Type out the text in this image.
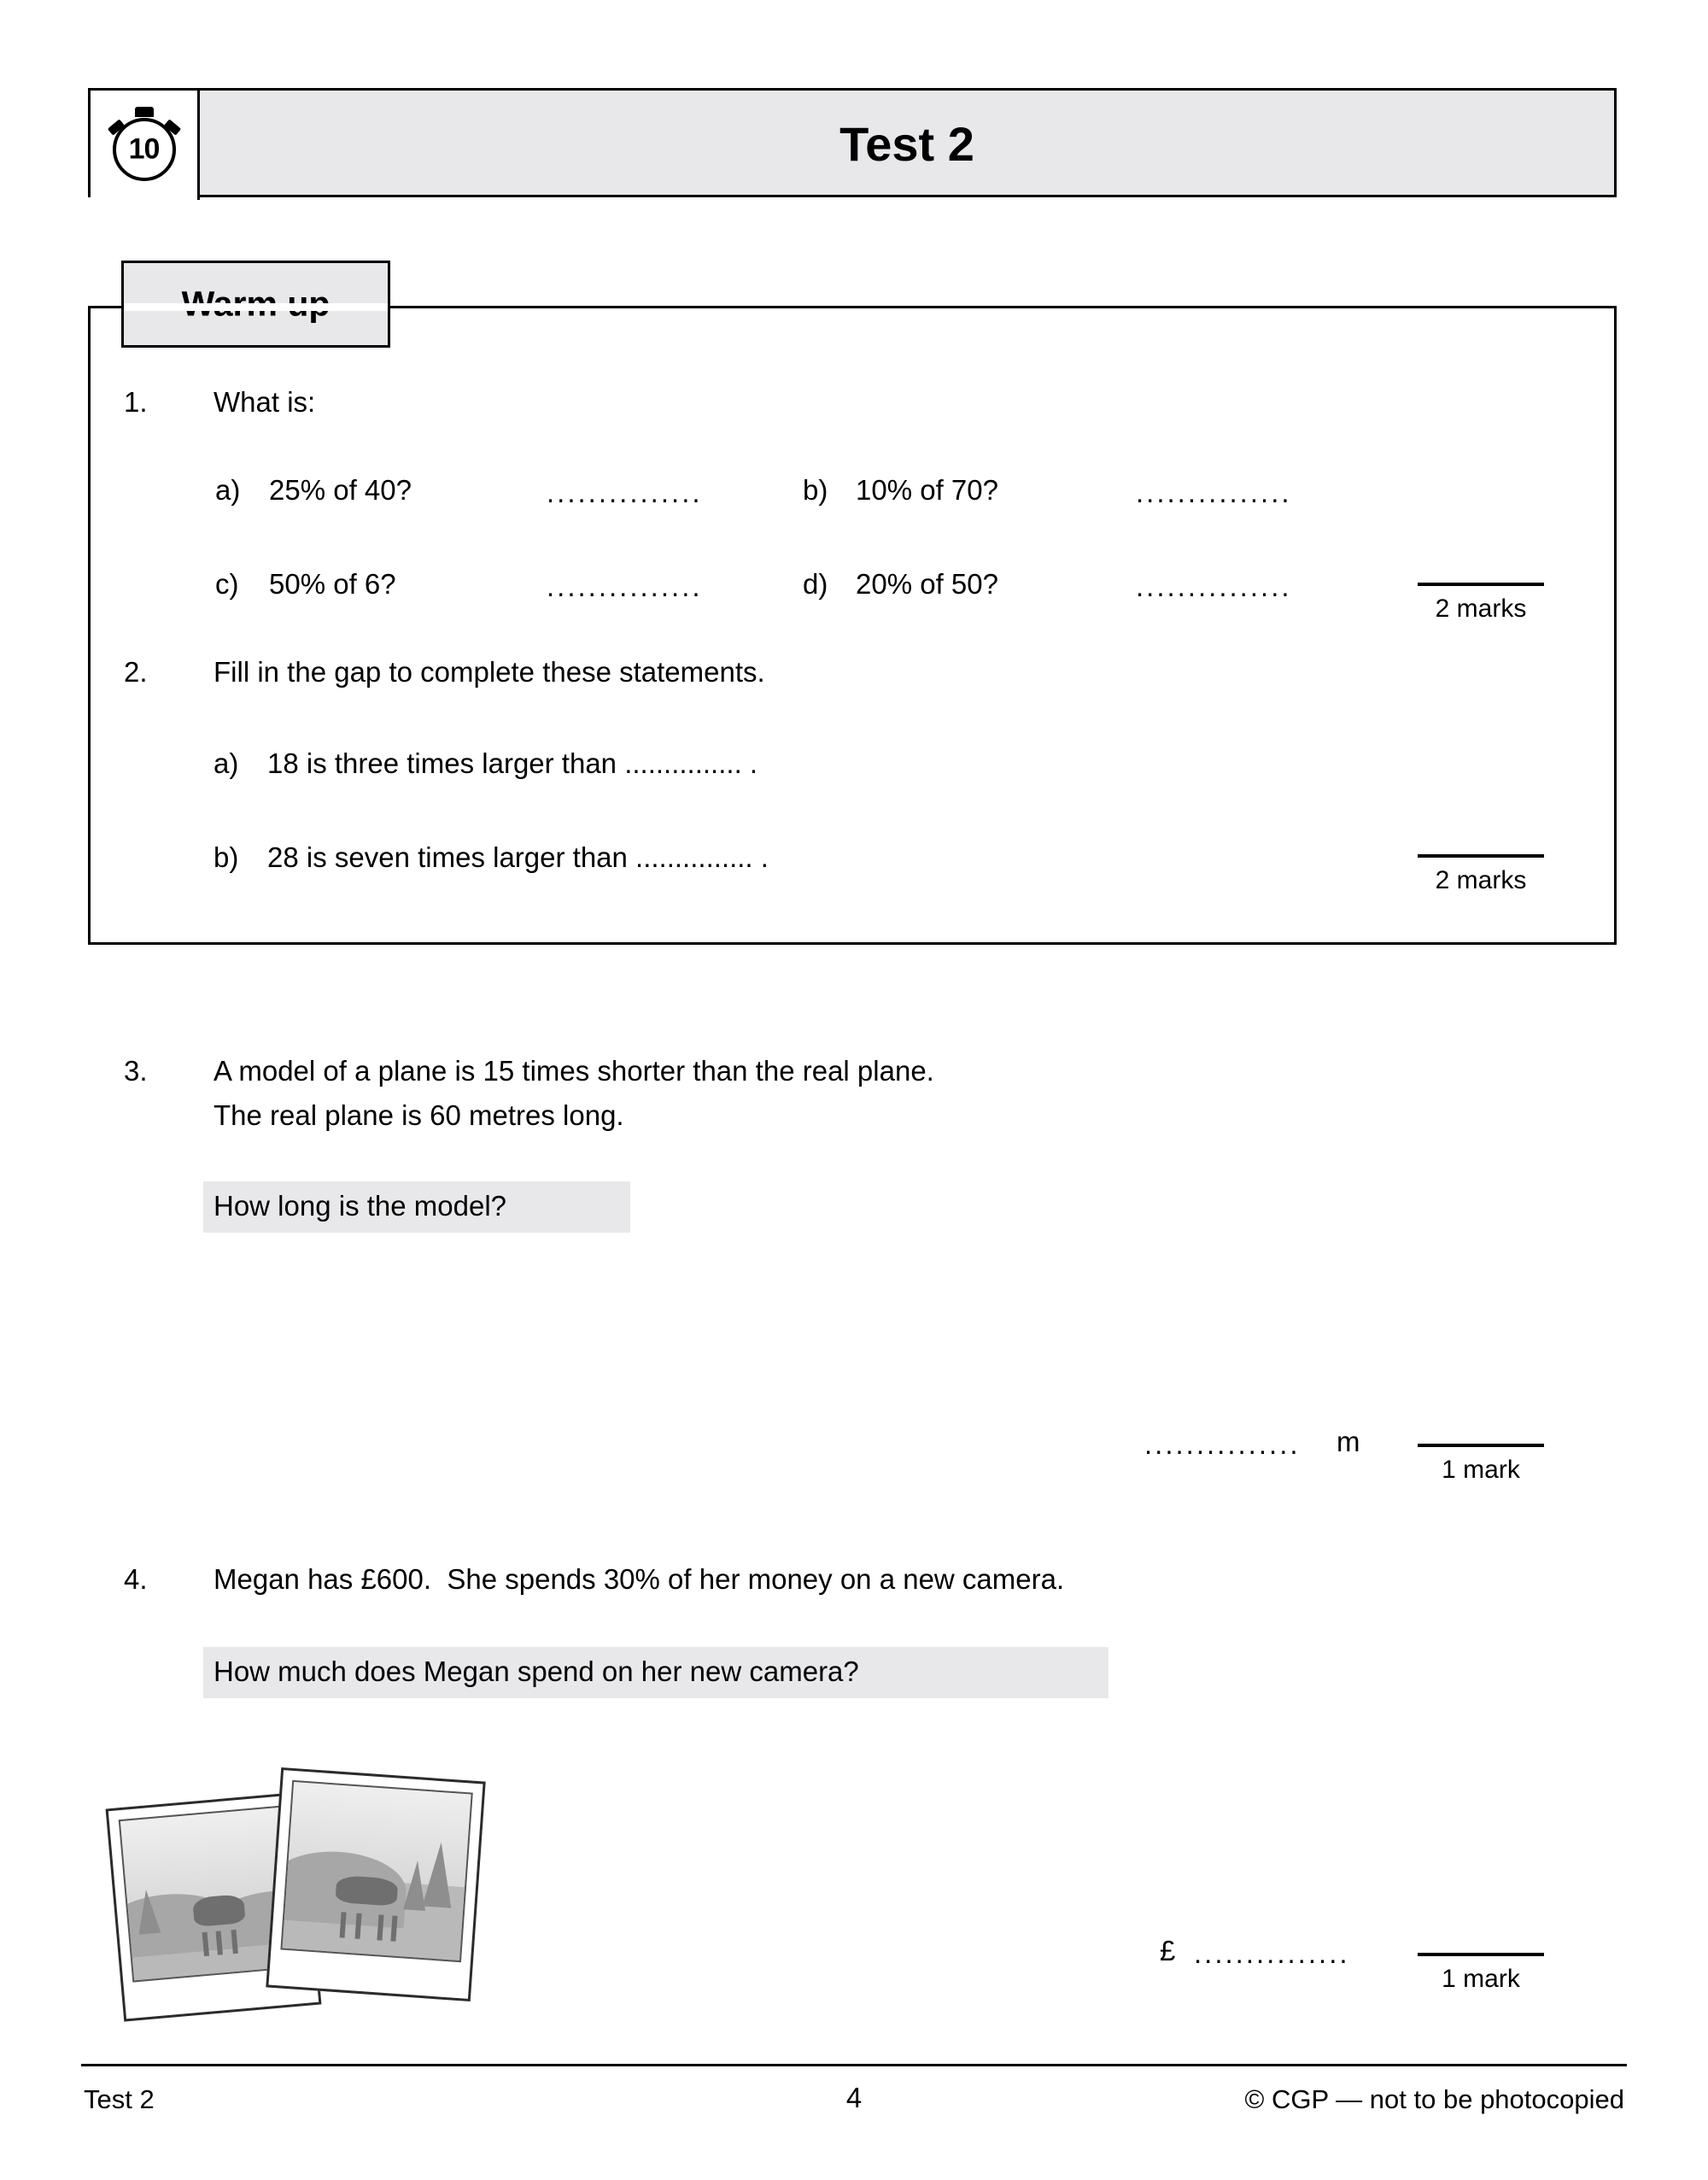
10	Test 2
1. What is:
a) 25% of 40?	...............	b) 10% of 70?	...............
c) 50% of 6?	...............	d) 20% of 50?	...............
2 marks
2. Fill in the gap to complete these statements.
a) 18 is three times larger than ............... .
b) 28 is seven times larger than ............... .
2 marks
3. A model of a plane is 15 times shorter than the real plane.
The real plane is 60 metres long.
How long is the model?
............... m
1 mark
4. Megan has £600.  She spends 30% of her money on a new camera.
How much does Megan spend on her new camera?
£ ...............
1 mark
Test 2	4	© CGP — not to be photocopied
